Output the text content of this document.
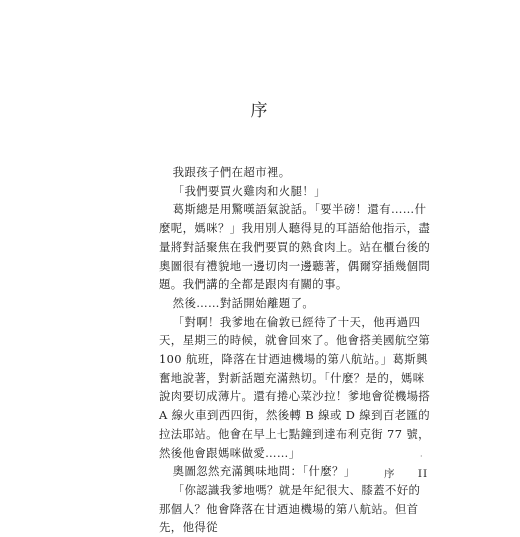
序

我跟孩子們在超市裡。

「我們要買火雞肉和火腿！」

葛斯總是用驚嘆語氣說話。「要半磅！還有……什麼呢，媽咪？」我用別人聽得見的耳語給他指示，盡量將對話聚焦在我們要買的熟食肉上。站在櫃台後的奧圖很有禮貌地一邊切肉一邊聽著，偶爾穿插幾個問題。我們講的全都是跟肉有關的事。

然後……對話開始離題了。

「對啊！我爹地在倫敦已經待了十天，他再過四天，星期三的時候，就會回來了。他會搭美國航空第 100 航班，降落在甘迺迪機場的第八航站。」葛斯興奮地說著，對新話題充滿熱切。「什麼？是的，媽咪說肉要切成薄片。還有捲心菜沙拉！爹地會從機場搭 A 線火車到西四街，然後轉 B 線或 D 線到百老匯的拉法耶站。他會在早上七點鐘到達布利克街 77 號，然後他會跟媽咪做愛……」

奧圖忽然充滿興味地問：「什麼？」

「你認識我爹地嗎？就是年紀很大、膝蓋不好的那個人？他會降落在甘迺迪機場的第八航站。但首先，他得從

·
序 II
